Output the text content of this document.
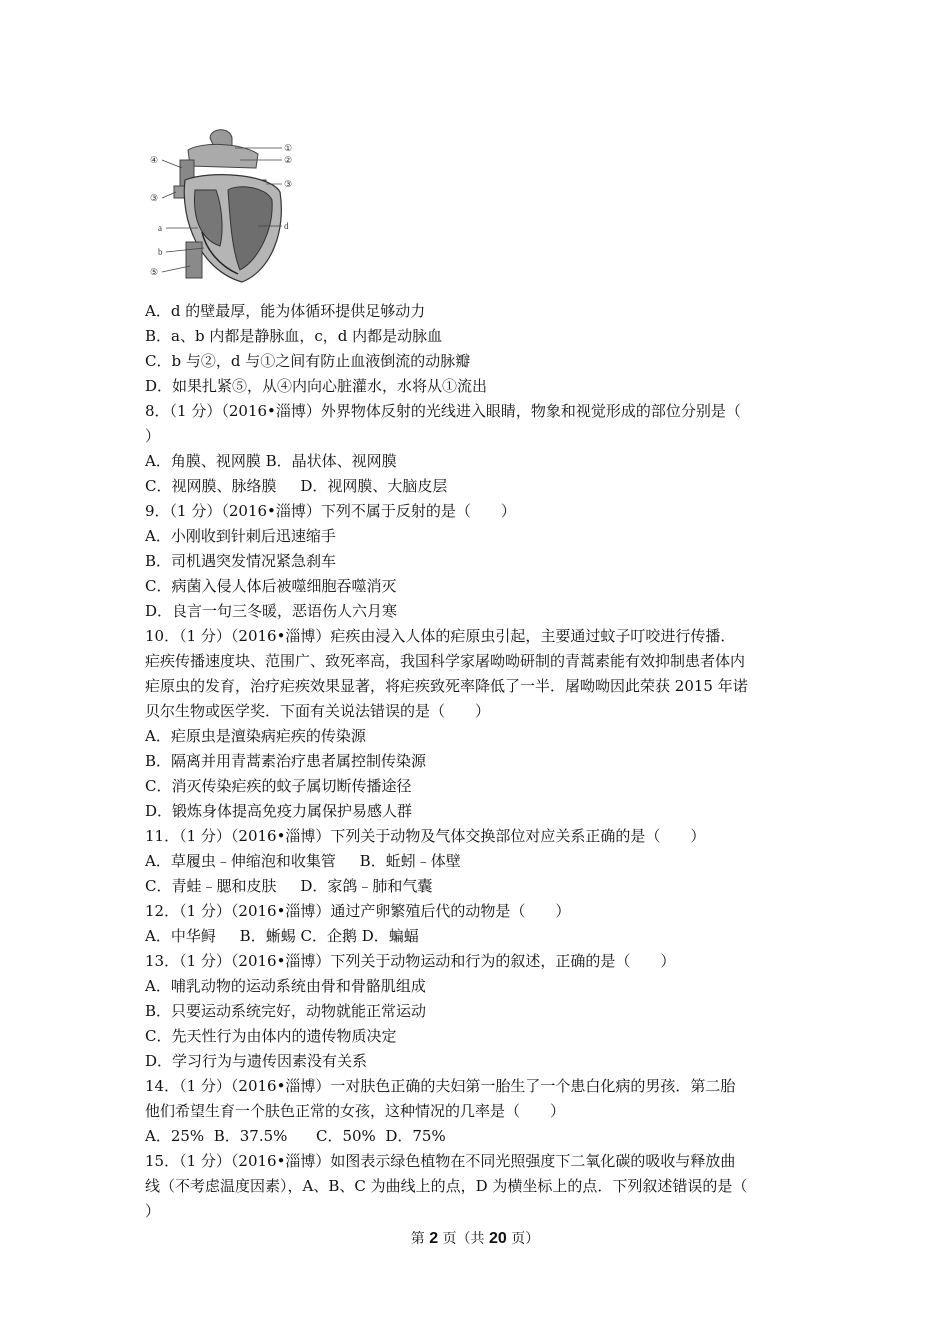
①
②
③
④
③
a
b
d
⑤
A．d 的壁最厚，能为体循环提供足够动力
B．a、b 内都是静脉血，c，d 内都是动脉血
C．b 与②，d 与①之间有防止血液倒流的动脉瓣
D．如果扎紧⑤，从④内向心脏灌水，水将从①流出
8．（1 分）（2016•淄博）外界物体反射的光线进入眼睛，物象和视觉形成的部位分别是（
）
A．角膜、视网膜 B．晶状体、视网膜
C．视网膜、脉络膜     D．视网膜、大脑皮层
9．（1 分）（2016•淄博）下列不属于反射的是（　　）
A．小刚收到针刺后迅速缩手
B．司机遇突发情况紧急刹车
C．病菌入侵人体后被噬细胞吞噬消灭
D．良言一句三冬暖，恶语伤人六月寒
10．（1 分）（2016•淄博）疟疾由浸入人体的疟原虫引起，主要通过蚊子叮咬进行传播．
疟疾传播速度块、范围广、致死率高，我国科学家屠呦呦研制的青蒿素能有效抑制患者体内
疟原虫的发育，治疗疟疾效果显著，将疟疾致死率降低了一半．屠呦呦因此荣获 2015 年诺
贝尔生物或医学奖．下面有关说法错误的是（　　）
A．疟原虫是澶染病疟疾的传染源
B．隔离并用青蒿素治疗患者属控制传染源
C．消灭传染疟疾的蚊子属切断传播途径
D．锻炼身体提高免疫力属保护易感人群
11．（1 分）（2016•淄博）下列关于动物及气体交换部位对应关系正确的是（　　）
A．草履虫﹣伸缩泡和收集管     B．蚯蚓﹣体壁
C．青蛙﹣腮和皮肤     D．家鸽﹣肺和气囊
12．（1 分）（2016•淄博）通过产卵繁殖后代的动物是（　　）
A．中华鲟     B．蜥蜴 C．企鹅 D．蝙蝠
13．（1 分）（2016•淄博）下列关于动物运动和行为的叙述，正确的是（　　）
A．哺乳动物的运动系统由骨和骨骼肌组成
B．只要运动系统完好，动物就能正常运动
C．先天性行为由体内的遗传物质决定
D．学习行为与遗传因素没有关系
14．（1 分）（2016•淄博）一对肤色正确的夫妇第一胎生了一个患白化病的男孩．第二胎
他们希望生育一个肤色正常的女孩，这种情况的几率是（　　）
A．25%  B．37.5%      C．50%  D．75%
15．（1 分）（2016•淄博）如图表示绿色植物在不同光照强度下二氧化碳的吸收与释放曲
线（不考虑温度因素），A、B、C 为曲线上的点，D 为横坐标上的点．下列叙述错误的是（
）
第 2 页（共 20 页）
